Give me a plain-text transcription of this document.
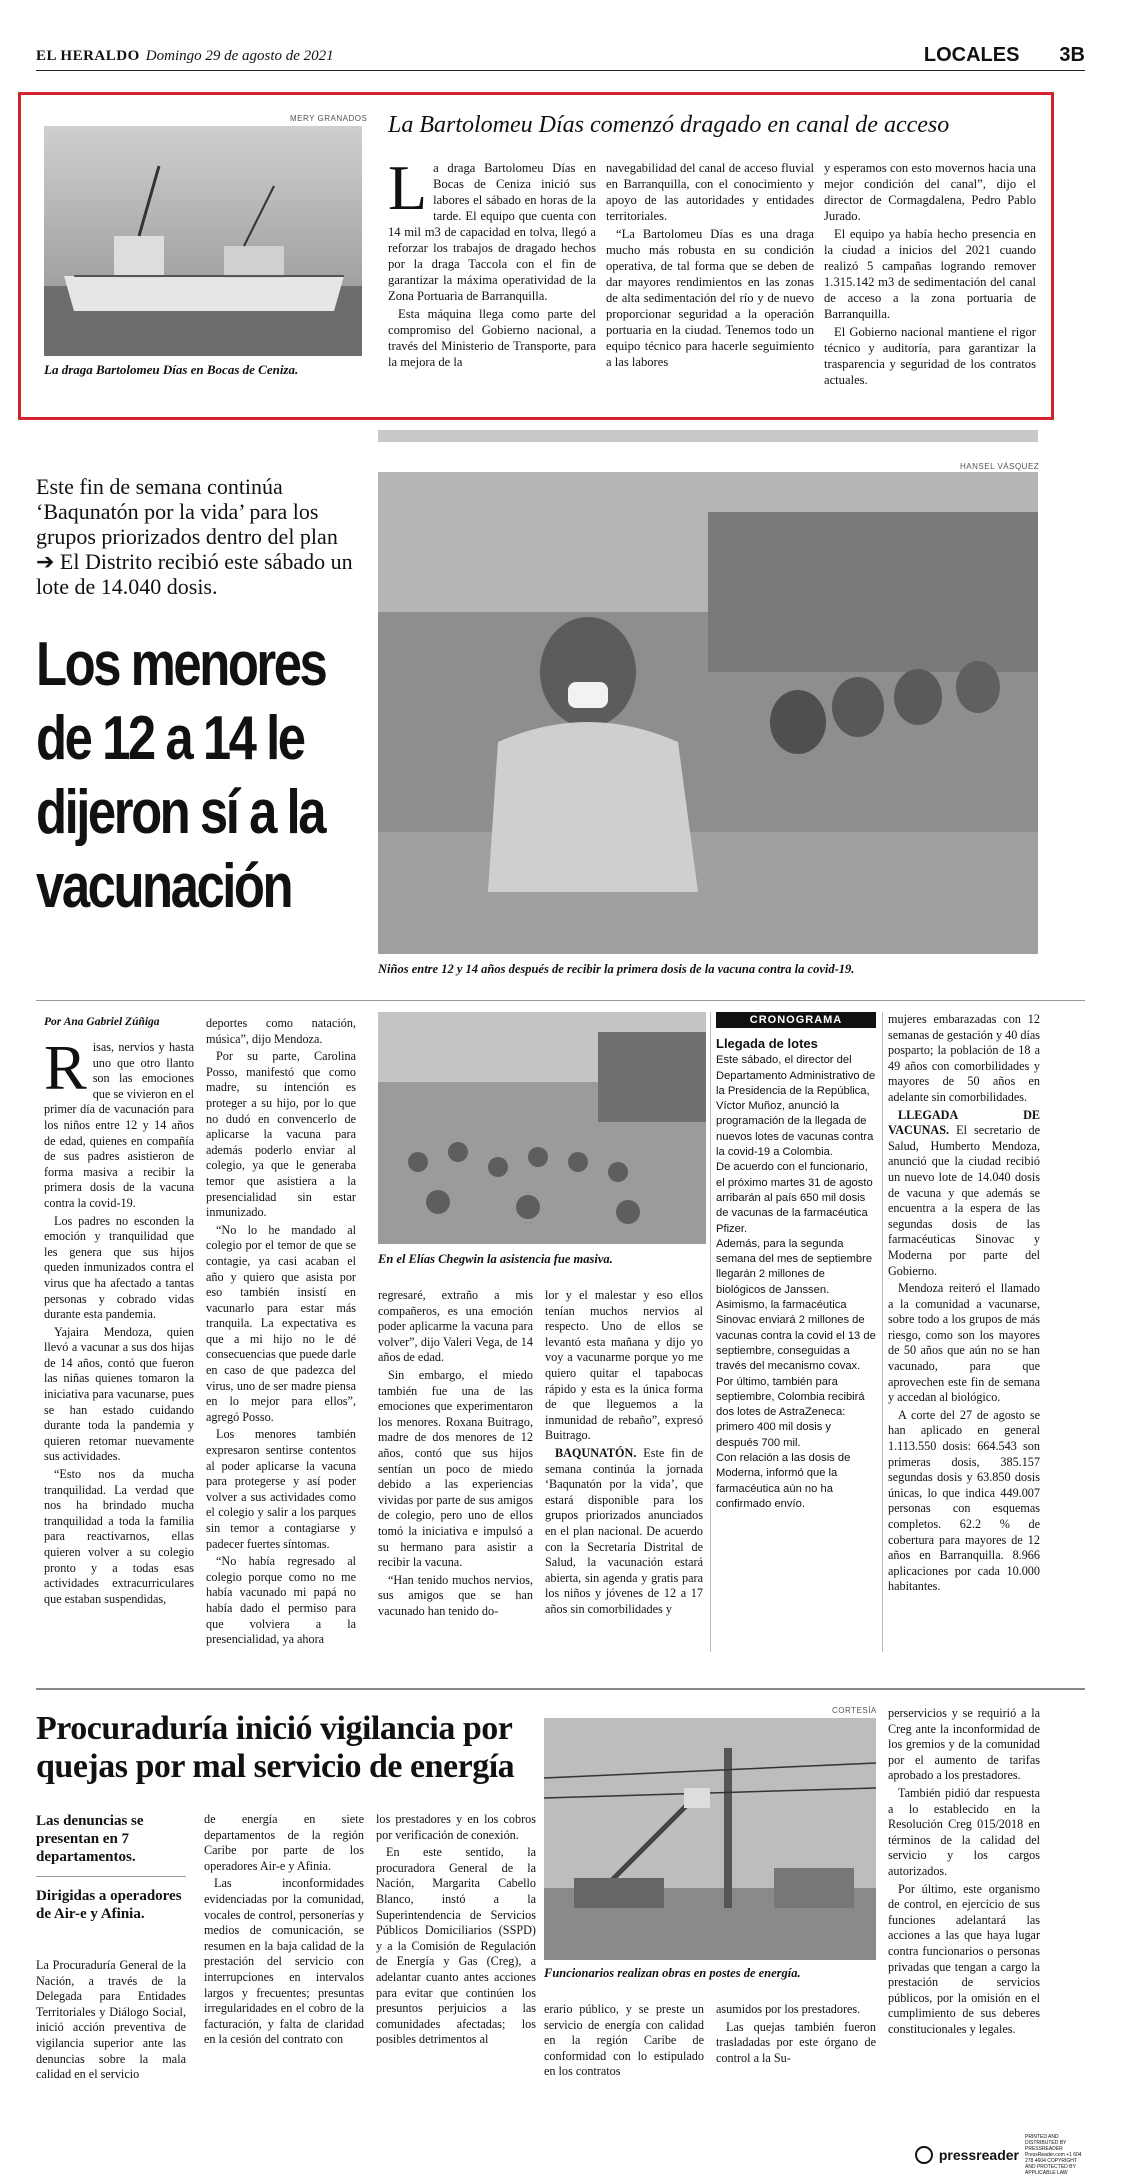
EL HERALDO Domingo 29 de agosto de 2021	LOCALES 3B
MERY GRANADOS
La draga Bartolomeu Días en Bocas de Ceniza.
La Bartolomeu Días comenzó dragado en canal de acceso

La draga Bartolomeu Días en Bocas de Ceniza inició sus labores el sábado en horas de la tarde. El equipo que cuenta con 14 mil m3 de capacidad en tolva, llegó a reforzar los trabajos de dragado hechos por la draga Taccola con el fin de garantizar la máxima operatividad de la Zona Portuaria de Barranquilla.

Esta máquina llega como parte del compromiso del Gobierno nacional, a través del Ministerio de Transporte, para la mejora de la

navegabilidad del canal de acceso fluvial en Barranquilla, con el conocimiento y apoyo de las autoridades y entidades territoriales.

“La Bartolomeu Días es una draga mucho más robusta en su condición operativa, de tal forma que se deben de dar mayores rendimientos en las zonas de alta sedimentación del río y de nuevo proporcionar seguridad a la operación portuaria en la ciudad. Tenemos todo un equipo técnico para hacerle seguimiento a las labores

y esperamos con esto movernos hacia una mejor condición del canal”, dijo el director de Cormagdalena, Pedro Pablo Jurado.

El equipo ya había hecho presencia en la ciudad a inicios del 2021 cuando realizó 5 campañas logrando remover 1.315.142 m3 de sedimentación del canal de acceso a la zona portuaria de Barranquilla.

El Gobierno nacional mantiene el rigor técnico y auditoría, para garantizar la trasparencia y seguridad de los contratos actuales.

Este fin de semana continúa ‘Baqunatón por la vida’ para los grupos priorizados dentro del plan ➔ El Distrito recibió este sábado un lote de 14.040 dosis.
HANSEL VÁSQUEZ
Niños entre 12 y 14 años después de recibir la primera dosis de la vacuna contra la covid-19.
Los menores de 12 a 14 le dijeron sí a la vacunación
Por Ana Gabriel Zúñiga

Risas, nervios y hasta uno que otro llanto son las emociones que se vivieron en el primer día de vacunación para los niños entre 12 y 14 años de edad, quienes en compañía de sus padres asistieron de forma masiva a recibir la primera dosis de la vacuna contra la covid-19.

Los padres no esconden la emoción y tranquilidad que les genera que sus hijos queden inmunizados contra el virus que ha afectado a tantas personas y cobrado vidas durante esta pandemia.

Yajaira Mendoza, quien llevó a vacunar a sus dos hijas de 14 años, contó que fueron las niñas quienes tomaron la iniciativa para vacunarse, pues se han estado cuidando durante toda la pandemia y quieren retomar nuevamente sus actividades.

“Esto nos da mucha tranquilidad. La verdad que nos ha brindado mucha tranquilidad a toda la familia para reactivarnos, ellas quieren volver a su colegio pronto y a todas esas actividades extracurriculares que estaban suspendidas,

deportes como natación, música”, dijo Mendoza.

Por su parte, Carolina Posso, manifestó que como madre, su intención es proteger a su hijo, por lo que no dudó en convencerlo de aplicarse la vacuna para además poderlo enviar al colegio, ya que le generaba temor que asistiera a la presencialidad sin estar inmunizado.

“No lo he mandado al colegio por el temor de que se contagie, ya casi acaban el año y quiero que asista por eso también insistí en vacunarlo para estar más tranquila. La expectativa es que a mi hijo no le dé consecuencias que puede darle en caso de que padezca del virus, uno de ser madre piensa en lo mejor para ellos”, agregó Posso.

Los menores también expresaron sentirse contentos al poder aplicarse la vacuna para protegerse y así poder volver a sus actividades como el colegio y salir a los parques sin temor a contagiarse y padecer fuertes síntomas.

“No había regresado al colegio porque como no me había vacunado mi papá no había dado el permiso para que volviera a la presencialidad, ya ahora

En el Elías Chegwin la asistencia fue masiva.

regresaré, extraño a mis compañeros, es una emoción poder aplicarme la vacuna para volver”, dijo Valeri Vega, de 14 años de edad.

Sin embargo, el miedo también fue una de las emociones que experimentaron los menores. Roxana Buitrago, madre de dos menores de 12 años, contó que sus hijos sentían un poco de miedo debido a las experiencias vividas por parte de sus amigos de colegio, pero uno de ellos tomó la iniciativa e impulsó a su hermano para asistir a recibir la vacuna.

“Han tenido muchos nervios, sus amigos que se han vacunado han tenido do-

lor y el malestar y eso ellos tenían muchos nervios al respecto. Uno de ellos se levantó esta mañana y dijo yo voy a vacunarme porque yo me quiero quitar el tapabocas rápido y esta es la única forma de que lleguemos a la inmunidad de rebaño”, expresó Buitrago.

BAQUNATÓN. Este fin de semana continúa la jornada ‘Baqunatón por la vida’, que estará disponible para los grupos priorizados anunciados en el plan nacional. De acuerdo con la Secretaría Distrital de Salud, la vacunación estará abierta, sin agenda y gratis para los niños y jóvenes de 12 a 17 años sin comorbilidades y

CRONOGRAMA
Llegada de lotes
Este sábado, el director del Departamento Administrativo de la Presidencia de la República, Víctor Muñoz, anunció la programación de la llegada de nuevos lotes de vacunas contra la covid-19 a Colombia.
De acuerdo con el funcionario, el próximo martes 31 de agosto arribarán al país 650 mil dosis de vacunas de la farmacéutica Pfizer.
Además, para la segunda semana del mes de septiembre llegarán 2 millones de biológicos de Janssen.
Asimismo, la farmacéutica Sinovac enviará 2 millones de vacunas contra la covid el 13 de septiembre, conseguidas a través del mecanismo covax. Por último, también para septiembre, Colombia recibirá dos lotes de AstraZeneca: primero 400 mil dosis y después 700 mil.
Con relación a las dosis de Moderna, informó que la farmacéutica aún no ha confirmado envío.

mujeres embarazadas con 12 semanas de gestación y 40 días posparto; la población de 18 a 49 años con comorbilidades y mayores de 50 años en adelante sin comorbilidades.

LLEGADA DE VACUNAS. El secretario de Salud, Humberto Mendoza, anunció que la ciudad recibió un nuevo lote de 14.040 dosis de vacuna y que además se encuentra a la espera de las segundas dosis de las farmacéuticas Sinovac y Moderna por parte del Gobierno.

Mendoza reiteró el llamado a la comunidad a vacunarse, sobre todo a los grupos de más riesgo, como son los mayores de 50 años que aún no se han vacunado, para que aprovechen este fin de semana y accedan al biológico.

A corte del 27 de agosto se han aplicado en general 1.113.550 dosis: 664.543 son primeras dosis, 385.157 segundas dosis y 63.850 dosis únicas, lo que indica 449.007 personas con esquemas completos. 62.2 % de cobertura para mayores de 12 años en Barranquilla. 8.966 aplicaciones por cada 10.000 habitantes.

Procuraduría inició vigilancia por quejas por mal servicio de energía
Las denuncias se presentan en 7 departamentos.
Dirigidas a operadores de Air-e y Afinia.

La Procuraduría General de la Nación, a través de la Delegada para Entidades Territoriales y Diálogo Social, inició acción preventiva de vigilancia superior ante las denuncias sobre la mala calidad en el servicio

de energía en siete departamentos de la región Caribe por parte de los operadores Air-e y Afinia.

Las inconformidades evidenciadas por la comunidad, vocales de control, personerías y medios de comunicación, se resumen en la baja calidad de la prestación del servicio con interrupciones en intervalos largos y frecuentes; presuntas irregularidades en el cobro de la facturación, y falta de claridad en la cesión del contrato con

los prestadores y en los cobros por verificación de conexión.

En este sentido, la procuradora General de la Nación, Margarita Cabello Blanco, instó a la Superintendencia de Servicios Públicos Domiciliarios (SSPD) y a la Comisión de Regulación de Energía y Gas (Creg), a adelantar cuanto antes acciones para evitar que continúen los presuntos perjuicios a las comunidades afectadas; los posibles detrimentos al

CORTESÍA
Funcionarios realizan obras en postes de energía.

erario público, y se preste un servicio de energía con calidad en la región Caribe de conformidad con lo estipulado en los contratos

asumidos por los prestadores.

Las quejas también fueron trasladadas por este órgano de control a la Su-

perservicios y se requirió a la Creg ante la inconformidad de los gremios y de la comunidad por el aumento de tarifas aprobado a los prestadores.

También pidió dar respuesta a lo establecido en la Resolución Creg 015/2018 en términos de la calidad del servicio y los cargos autorizados.

Por último, este organismo de control, en ejercicio de sus funciones adelantará las acciones a las que haya lugar contra funcionarios o personas privadas que tengan a cargo la prestación de servicios públicos, por la omisión en el cumplimiento de sus deberes constitucionales y legales.

pressreader
PRINTED AND DISTRIBUTED BY PRESSREADER PressReader.com +1 604 278 4604 COPYRIGHT AND PROTECTED BY APPLICABLE LAW
